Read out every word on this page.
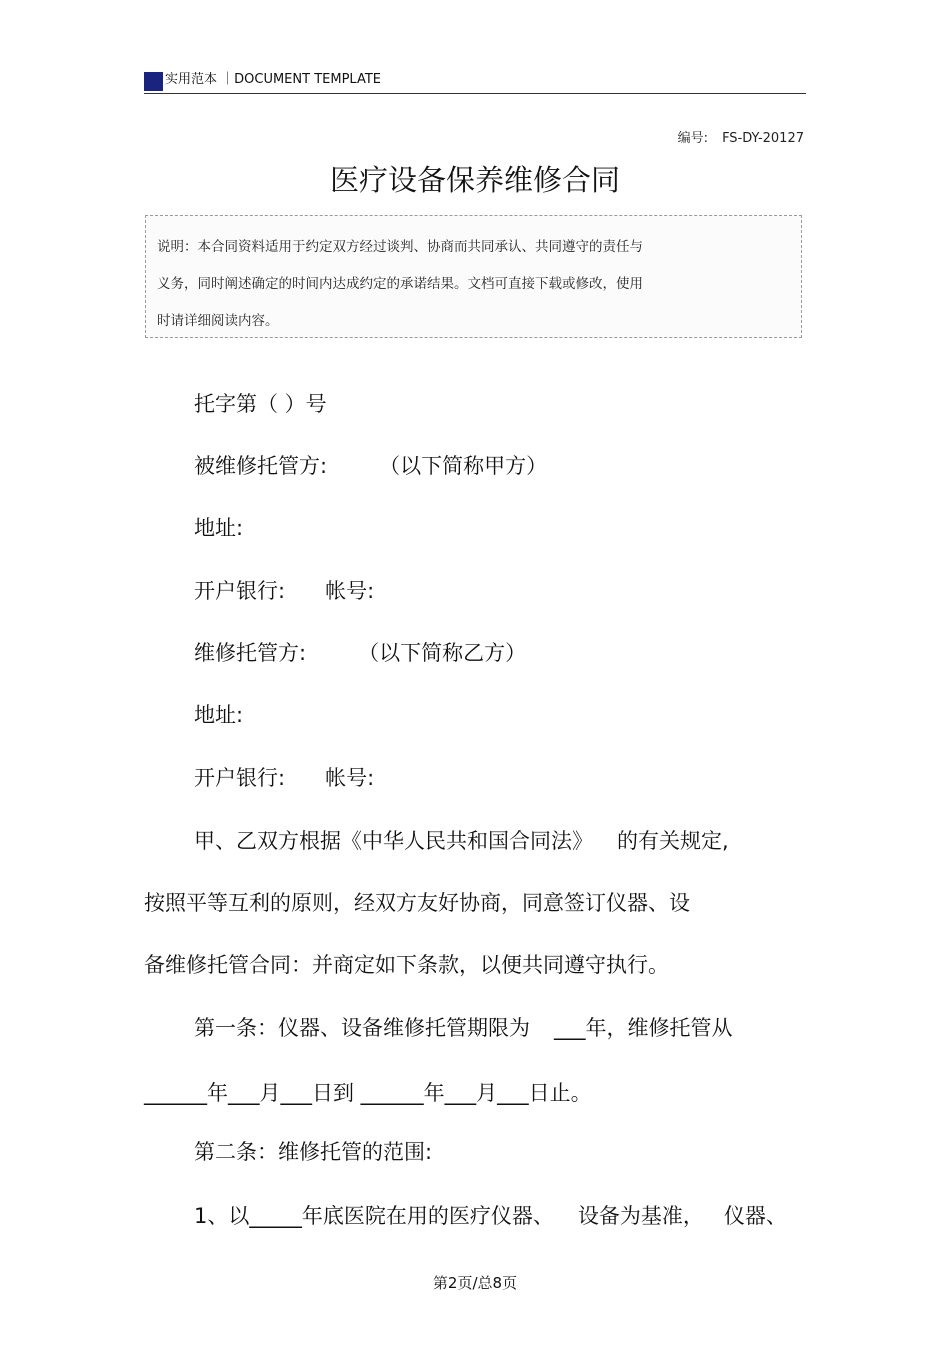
实用范本 ｜DOCUMENT TEMPLATE
编号: FS-DY-20127
医疗设备保养维修合同
说明：本合同资料适用于约定双方经过谈判、协商而共同承认、共同遵守的责任与
义务，同时阐述确定的时间内达成约定的承诺结果。文档可直接下载或修改，使用
时请详细阅读内容。
托字第（ ）号
被维修托管方: （以下简称甲方）
地址:
开户银行: 帐号:
维修托管方: （以下简称乙方）
地址:
开户银行: 帐号:
甲、乙双方根据《中华人民共和国合同法》 的有关规定,
按照平等互利的原则，经双方友好协商，同意签订仪器、设
备维修托管合同：并商定如下条款，以便共同遵守执行。
第一条：仪器、设备维修托管期限为 ___年，维修托管从
______年___月___日到 ______年___月___日止。
第二条：维修托管的范围:
1、以_____年底医院在用的医疗仪器、 设备为基准， 仪器、
第2页/总8页
